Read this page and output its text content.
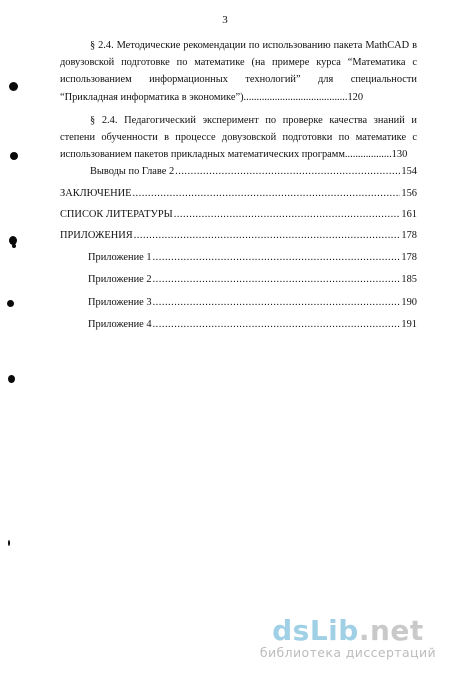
3

§ 2.4. Методические рекомендации по использованию пакета MathCAD в довузовской подготовке по математике (на примере курса “Математика с использованием информационных технологий” для специальности “Прикладная информатика в экономике”)........................................120

§ 2.4. Педагогический эксперимент по проверке качества знаний и степени обученности в процессе довузовской подготовки по математике с использованием пакетов прикладных математических программ..................130

Выводы по Главе 2 .....	154
ЗАКЛЮЧЕНИЕ .....	156
СПИСОК ЛИТЕРАТУРЫ .....	161
ПРИЛОЖЕНИЯ .....	178
Приложение 1 .....	178
Приложение 2 .....	185
Приложение 3 .....	190
Приложение 4 .....	191
dsLib.net
библиотека диссертаций
